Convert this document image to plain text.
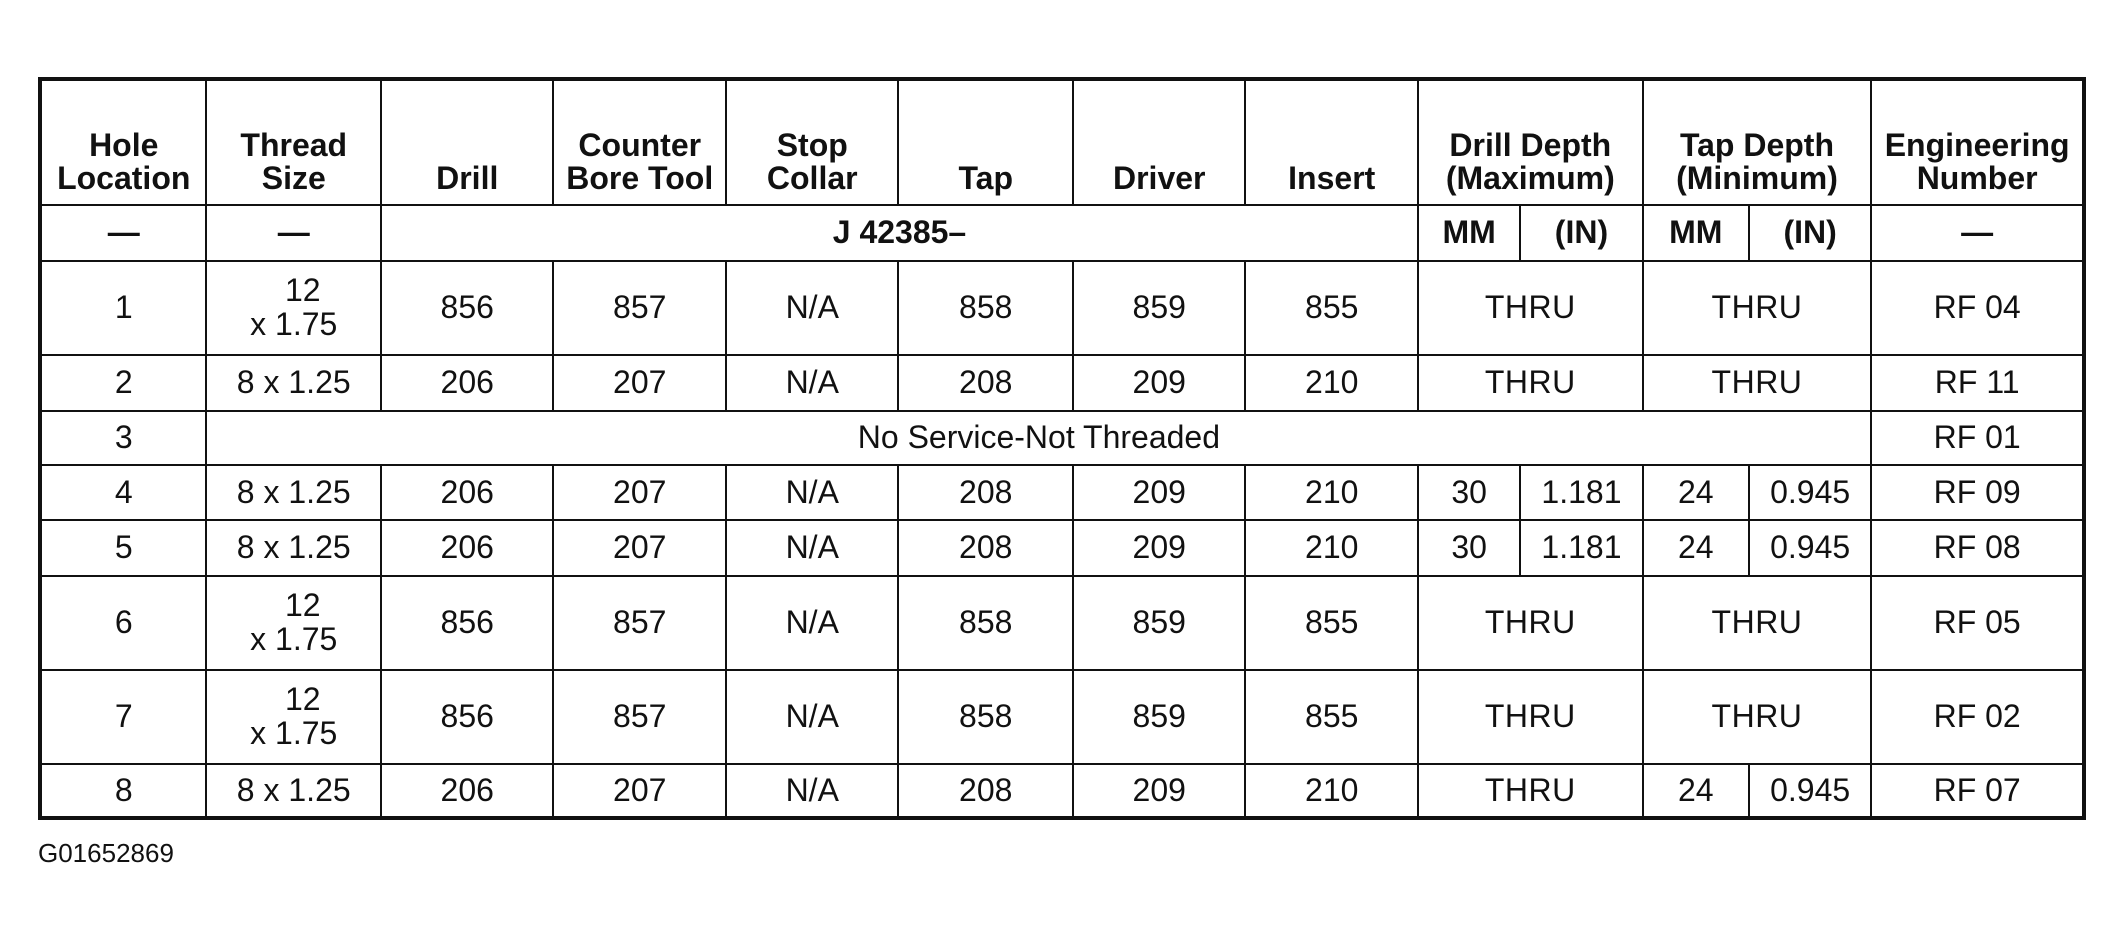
Hole Location	Thread Size	Drill	Counter Bore Tool	Stop Collar	Tap	Driver	Insert	Drill Depth (Maximum)		Tap Depth (Minimum)		Engineering Number
—	—	J 42385–						MM	(IN)	MM	(IN)	—
1	12
x 1.75	856	857	N/A	858	859	855	THRU		THRU		RF 04
2	8 x 1.25	206	207	N/A	208	209	210	THRU		THRU		RF 11
3	No Service-Not Threaded											RF 01
4	8 x 1.25	206	207	N/A	208	209	210	30	1.181	24	0.945	RF 09
5	8 x 1.25	206	207	N/A	208	209	210	30	1.181	24	0.945	RF 08
6	12
x 1.75	856	857	N/A	858	859	855	THRU		THRU		RF 05
7	12
x 1.75	856	857	N/A	858	859	855	THRU		THRU		RF 02
8	8 x 1.25	206	207	N/A	208	209	210	THRU		24	0.945	RF 07
G01652869
